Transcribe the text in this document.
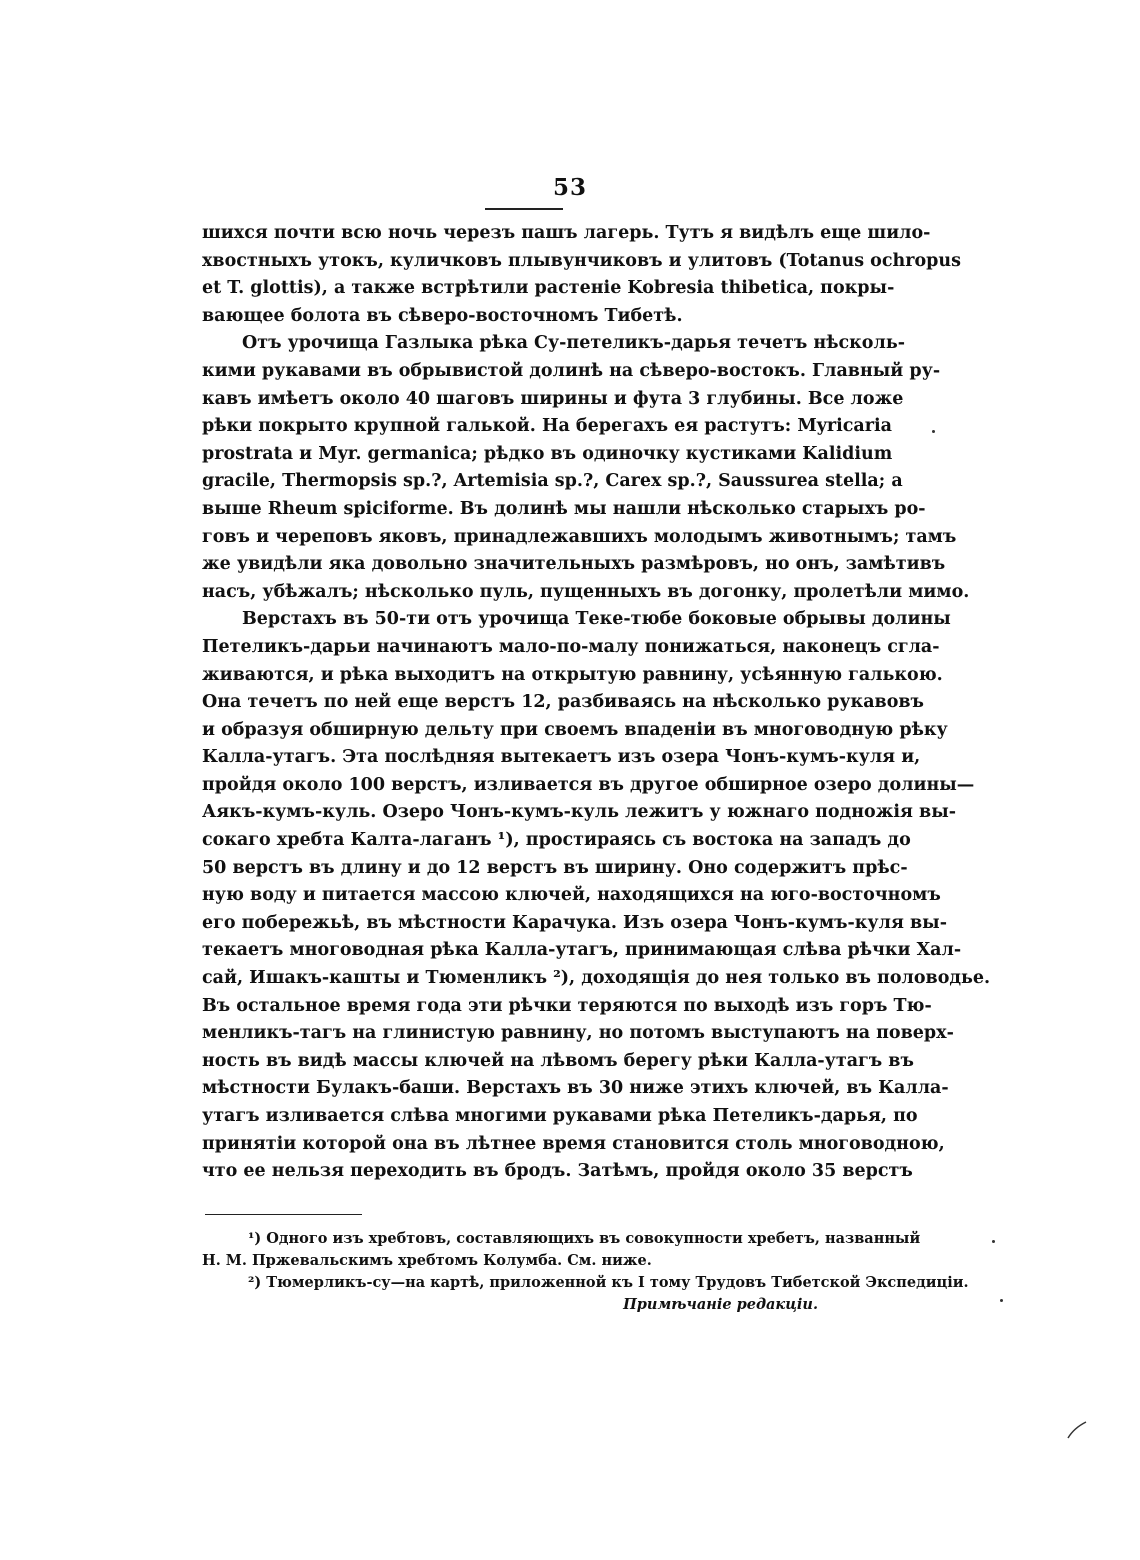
53
шихся почти всю ночь черезъ пашъ лагерь. Тутъ я видѣлъ еще шило-
хвостныхъ утокъ, куличковъ плывунчиковъ и улитовъ (Totanus ochropus
et T. glottis), а также встрѣтили растеніе Kobresia thibetica, покры-
вающее болота въ сѣверо-восточномъ Тибетѣ.
Отъ урочища Газлыка рѣка Су-петеликъ-дарья течетъ нѣсколь-
кими рукавами въ обрывистой долинѣ на сѣверо-востокъ. Главный ру-
кавъ имѣетъ около 40 шаговъ ширины и фута 3 глубины. Все ложе
рѣки покрыто крупной галькой. На берегахъ ея растутъ: Myricaria
prostrata и Myr. germanica; рѣдко въ одиночку кустиками Kalidium
gracile, Thermopsis sp.?, Artemisia sp.?, Carex sp.?, Saussurea stella; а
выше Rheum spiciforme. Въ долинѣ мы нашли нѣсколько старыхъ ро-
говъ и череповъ яковъ, принадлежавшихъ молодымъ животнымъ; тамъ
же увидѣли яка довольно значительныхъ размѣровъ, но онъ, замѣтивъ
насъ, убѣжалъ; нѣсколько пуль, пущенныхъ въ догонку, пролетѣли мимо.
Верстахъ въ 50-ти отъ урочища Теке-тюбе боковые обрывы долины
Петеликъ-дарьи начинаютъ мало-по-малу понижаться, наконецъ сгла-
живаются, и рѣка выходитъ на открытую равнину, усѣянную галькою.
Она течетъ по ней еще верстъ 12, разбиваясь на нѣсколько рукавовъ
и образуя обширную дельту при своемъ впаденіи въ многоводную рѣку
Калла-утагъ. Эта послѣдняя вытекаетъ изъ озера Чонъ-кумъ-куля и,
пройдя около 100 верстъ, изливается въ другое обширное озеро долины—
Аякъ-кумъ-куль. Озеро Чонъ-кумъ-куль лежитъ у южнаго подножія вы-
сокаго хребта Калта-лаганъ ¹), простираясь съ востока на западъ до
50 верстъ въ длину и до 12 верстъ въ ширину. Оно содержитъ прѣс-
ную воду и питается массою ключей, находящихся на юго-восточномъ
его побережьѣ, въ мѣстности Карачука. Изъ озера Чонъ-кумъ-куля вы-
текаетъ многоводная рѣка Калла-утагъ, принимающая слѣва рѣчки Хал-
сай, Ишакъ-кашты и Тюменликъ ²), доходящія до нея только въ половодье.
Въ остальное время года эти рѣчки теряются по выходѣ изъ горъ Тю-
менликъ-тагъ на глинистую равнину, но потомъ выступаютъ на поверх-
ность въ видѣ массы ключей на лѣвомъ берегу рѣки Калла-утагъ въ
мѣстности Булакъ-баши. Верстахъ въ 30 ниже этихъ ключей, въ Калла-
утагъ изливается слѣва многими рукавами рѣка Петеликъ-дарья, по
принятіи которой она въ лѣтнее время становится столь многоводною,
что ее нельзя переходить въ бродъ. Затѣмъ, пройдя около 35 верстъ
¹) Одного изъ хребтовъ, составляющихъ въ совокупности хребетъ, названный
Н. М. Пржевальскимъ хребтомъ Колумба. См. ниже.
²) Тюмерликъ-су—на картѣ, приложенной къ I тому Трудовъ Тибетской Экспедиціи.
Примѣчаніе редакціи.
